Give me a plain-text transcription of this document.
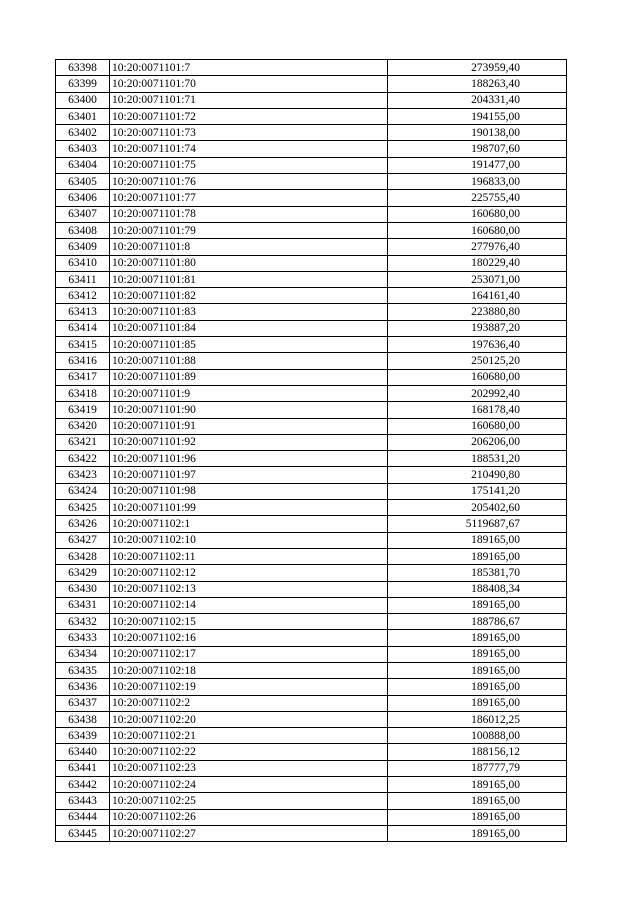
63398	10:20:0071101:7	273959,40
63399	10:20:0071101:70	188263,40
63400	10:20:0071101:71	204331,40
63401	10:20:0071101:72	194155,00
63402	10:20:0071101:73	190138,00
63403	10:20:0071101:74	198707,60
63404	10:20:0071101:75	191477,00
63405	10:20:0071101:76	196833,00
63406	10:20:0071101:77	225755,40
63407	10:20:0071101:78	160680,00
63408	10:20:0071101:79	160680,00
63409	10:20:0071101:8	277976,40
63410	10:20:0071101:80	180229,40
63411	10:20:0071101:81	253071,00
63412	10:20:0071101:82	164161,40
63413	10:20:0071101:83	223880,80
63414	10:20:0071101:84	193887,20
63415	10:20:0071101:85	197636,40
63416	10:20:0071101:88	250125,20
63417	10:20:0071101:89	160680,00
63418	10:20:0071101:9	202992,40
63419	10:20:0071101:90	168178,40
63420	10:20:0071101:91	160680,00
63421	10:20:0071101:92	206206,00
63422	10:20:0071101:96	188531,20
63423	10:20:0071101:97	210490,80
63424	10:20:0071101:98	175141,20
63425	10:20:0071101:99	205402,60
63426	10:20:0071102:1	5119687,67
63427	10:20:0071102:10	189165,00
63428	10:20:0071102:11	189165,00
63429	10:20:0071102:12	185381,70
63430	10:20:0071102:13	188408,34
63431	10:20:0071102:14	189165,00
63432	10:20:0071102:15	188786,67
63433	10:20:0071102:16	189165,00
63434	10:20:0071102:17	189165,00
63435	10:20:0071102:18	189165,00
63436	10:20:0071102:19	189165,00
63437	10:20:0071102:2	189165,00
63438	10:20:0071102:20	186012,25
63439	10:20:0071102:21	100888,00
63440	10:20:0071102:22	188156,12
63441	10:20:0071102:23	187777,79
63442	10:20:0071102:24	189165,00
63443	10:20:0071102:25	189165,00
63444	10:20:0071102:26	189165,00
63445	10:20:0071102:27	189165,00
